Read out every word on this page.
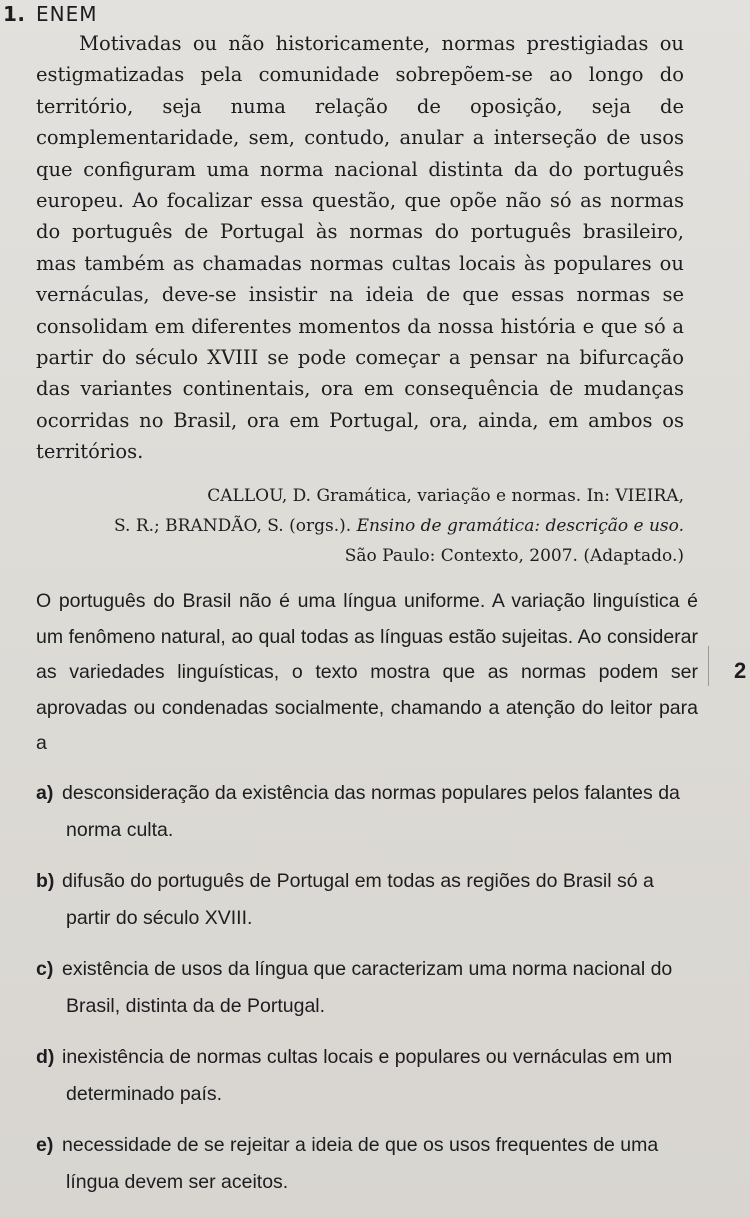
1. ENEM

Motivadas ou não historicamente, normas prestigiadas ou estigmatizadas pela comunidade sobrepõem-se ao longo do território, seja numa relação de oposição, seja de complementaridade, sem, contudo, anular a interseção de usos que configuram uma norma nacional distinta da do português europeu. Ao focalizar essa questão, que opõe não só as normas do português de Portugal às normas do português brasileiro, mas também as chamadas normas cultas locais às populares ou vernáculas, deve-se insistir na ideia de que essas normas se consolidam em diferentes momentos da nossa história e que só a partir do século XVIII se pode começar a pensar na bifurcação das variantes continentais, ora em consequência de mudanças ocorridas no Brasil, ora em Portugal, ora, ainda, em ambos os territórios.

CALLOU, D. Gramática, variação e normas. In: VIEIRA,
S. R.; BRANDÃO, S. (orgs.). Ensino de gramática: descrição e uso.
São Paulo: Contexto, 2007. (Adaptado.)

O português do Brasil não é uma língua uniforme. A variação linguística é um fenômeno natural, ao qual todas as línguas estão sujeitas. Ao considerar as variedades linguísticas, o texto mostra que as normas podem ser aprovadas ou condenadas socialmente, chamando a atenção do leitor para a

2
a) desconsideração da existência das normas populares pelos falantes da norma culta.
b) difusão do português de Portugal em todas as regiões do Brasil só a partir do século XVIII.
c) existência de usos da língua que caracterizam uma norma nacional do Brasil, distinta da de Portugal.
d) inexistência de normas cultas locais e populares ou vernáculas em um determinado país.
e) necessidade de se rejeitar a ideia de que os usos frequentes de uma língua devem ser aceitos.
